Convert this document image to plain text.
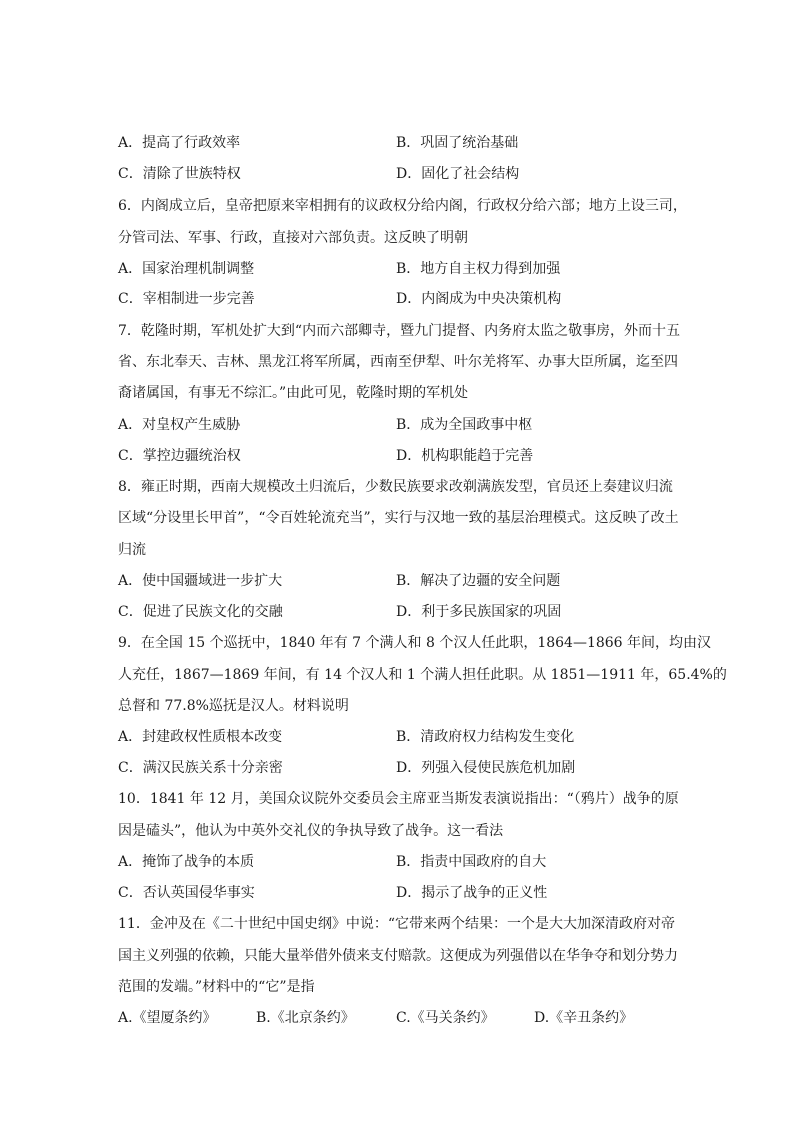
A．提高了行政效率	B．巩固了统治基础
C．清除了世族特权	D．固化了社会结构
6．内阁成立后，皇帝把原来宰相拥有的议政权分给内阁，行政权分给六部；地方上设三司，
分管司法、军事、行政，直接对六部负责。这反映了明朝
A．国家治理机制调整	B．地方自主权力得到加强
C．宰相制进一步完善	D．内阁成为中央决策机构
7．乾隆时期，军机处扩大到“内而六部卿寺，暨九门提督、内务府太监之敬事房，外而十五
省、东北奉天、吉林、黑龙江将军所属，西南至伊犁、叶尔羌将军、办事大臣所属，迄至四
裔诸属国，有事无不综汇。”由此可见，乾隆时期的军机处
A．对皇权产生威胁	B．成为全国政事中枢
C．掌控边疆统治权	D．机构职能趋于完善
8．雍正时期，西南大规模改土归流后，少数民族要求改剃满族发型，官员还上奏建议归流
区域“分设里长甲首”，“令百姓轮流充当”，实行与汉地一致的基层治理模式。这反映了改土
归流
A．使中国疆域进一步扩大	B．解决了边疆的安全问题
C．促进了民族文化的交融	D．利于多民族国家的巩固
9．在全国 15 个巡抚中，1840 年有 7 个满人和 8 个汉人任此职，1864—1866 年间，均由汉
人充任，1867—1869 年间，有 14 个汉人和 1 个满人担任此职。从 1851—1911 年，65.4%的
总督和 77.8%巡抚是汉人。材料说明
A．封建政权性质根本改变	B．清政府权力结构发生变化
C．满汉民族关系十分亲密	D．列强入侵使民族危机加剧
10．1841 年 12 月，美国众议院外交委员会主席亚当斯发表演说指出：“（鸦片）战争的原
因是磕头”，他认为中英外交礼仪的争执导致了战争。这一看法
A．掩饰了战争的本质	B．指责中国政府的自大
C．否认英国侵华事实	D．揭示了战争的正义性
11．金冲及在《二十世纪中国史纲》中说：“它带来两个结果：一个是大大加深清政府对帝
国主义列强的依赖，只能大量举借外债来支付赔款。这便成为列强借以在华争夺和划分势力
范围的发端。”材料中的“它”是指
A.《望厦条约》	B.《北京条约》	C.《马关条约》	D.《辛丑条约》
